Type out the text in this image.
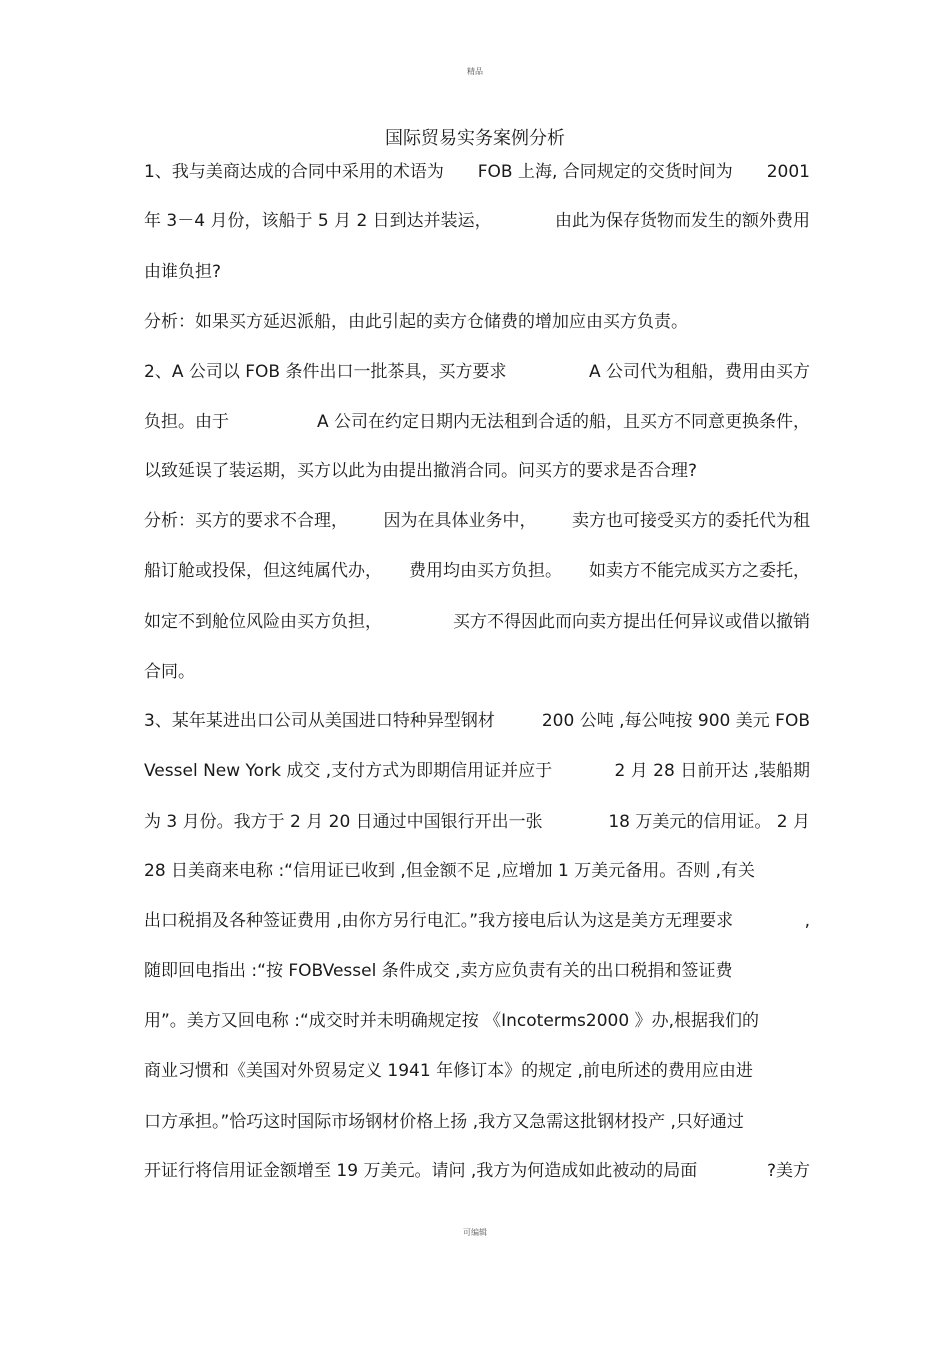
精品
国际贸易实务案例分析
1、我与美商达成的合同中采用的术语为 FOB 上海, 合同规定的交货时间为 2001
年 3－4 月份，该船于 5 月 2 日到达并装运，	由此为保存货物而发生的额外费用
由谁负担?
分析：如果买方延迟派船，由此引起的卖方仓储费的增加应由买方负责。
2、A 公司以 FOB 条件出口一批茶具，买方要求	A 公司代为租船，费用由买方
负担。由于	A 公司在约定日期内无法租到合适的船，且买方不同意更换条件，
以致延误了装运期，买方以此为由提出撤消合同。问买方的要求是否合理?
分析：买方的要求不合理， 因为在具体业务中， 卖方也可接受买方的委托代为租
船订舱或投保，但这纯属代办， 费用均由买方负担。 如卖方不能完成买方之委托，
如定不到舱位风险由买方负担，	买方不得因此而向卖方提出任何异议或借以撤销
合同。
3、某年某进出口公司从美国进口特种异型钢材	200 公吨 ,每公吨按 900 美元 FOB
Vessel New York 成交 ,支付方式为即期信用证并应于	2 月 28 日前开达 ,装船期
为 3 月份。我方于 2 月 20 日通过中国银行开出一张	18 万美元的信用证。 2 月
28 日美商来电称 :“信用证已收到 ,但金额不足 ,应增加 1 万美元备用。否则 ,有关
出口税捐及各种签证费用 ,由你方另行电汇。”我方接电后认为这是美方无理要求	,
随即回电指出 :“按 FOBVessel 条件成交 ,卖方应负责有关的出口税捐和签证费
用”。美方又回电称 :“成交时并未明确规定按 《Incoterms2000 》办,根据我们的
商业习惯和《美国对外贸易定义 1941 年修订本》的规定 ,前电所述的费用应由进
口方承担。”恰巧这时国际市场钢材价格上扬 ,我方又急需这批钢材投产 ,只好通过
开证行将信用证金额增至 19 万美元。请问 ,我方为何造成如此被动的局面	?美方
可编辑
